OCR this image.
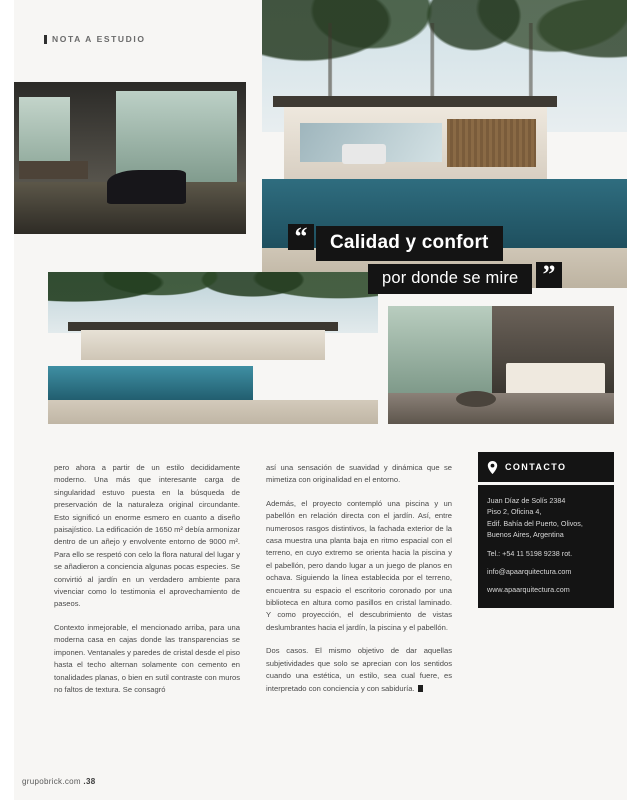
NOTA A ESTUDIO
“
”
Calidad y confort
por donde se mire

pero ahora a partir de un estilo decididamente moderno. Una más que interesante carga de singularidad estuvo puesta en la búsqueda de preservación de la naturaleza original circundante. Esto significó un enorme esmero en cuanto a diseño paisajístico. La edificación de 1650 m² debía armonizar dentro de un añejo y envolvente entorno de 9000 m². Para ello se respetó con celo la flora natural del lugar y se añadieron a conciencia algunas pocas especies. Se convirtió al jardín en un verdadero ambiente para vivenciar como lo testimonia el aprovechamiento de paseos.

Contexto inmejorable, el mencionado arriba, para una moderna casa en cajas donde las transparencias se imponen. Ventanales y paredes de cristal desde el piso hasta el techo alternan solamente con cemento en tonalidades planas, o bien en sutil contraste con muros no faltos de textura. Se consagró

así una sensación de suavidad y dinámica que se mimetiza con originalidad en el entorno.

Además, el proyecto contempló una piscina y un pabellón en relación directa con el jardín. Así, entre numerosos rasgos distintivos, la fachada exterior de la casa muestra una planta baja en ritmo espacial con el terreno, en cuyo extremo se orienta hacia la piscina y el pabellón, pero dando lugar a un juego de planos en ochava. Siguiendo la línea establecida por el terreno, encuentra su espacio el escritorio coronado por una biblioteca en altura como pasillos en cristal laminado. Y como proyección, el descubrimiento de vistas deslumbrantes hacia el jardín, la piscina y el pabellón.

Dos casos. El mismo objetivo de dar aquellas subjetividades que solo se aprecian con los sentidos cuando una estética, un estilo, sea cual fuere, es interpretado con conciencia y con sabiduría.

CONTACTO
Juan Díaz de Solís 2384
Piso 2, Oficina 4,
Edif. Bahía del Puerto, Olivos,
Buenos Aires, Argentina
Tel.: +54 11 5198 9238 rot.
info@apaarquitectura.com
www.apaarquitectura.com
grupobrick.com .38
